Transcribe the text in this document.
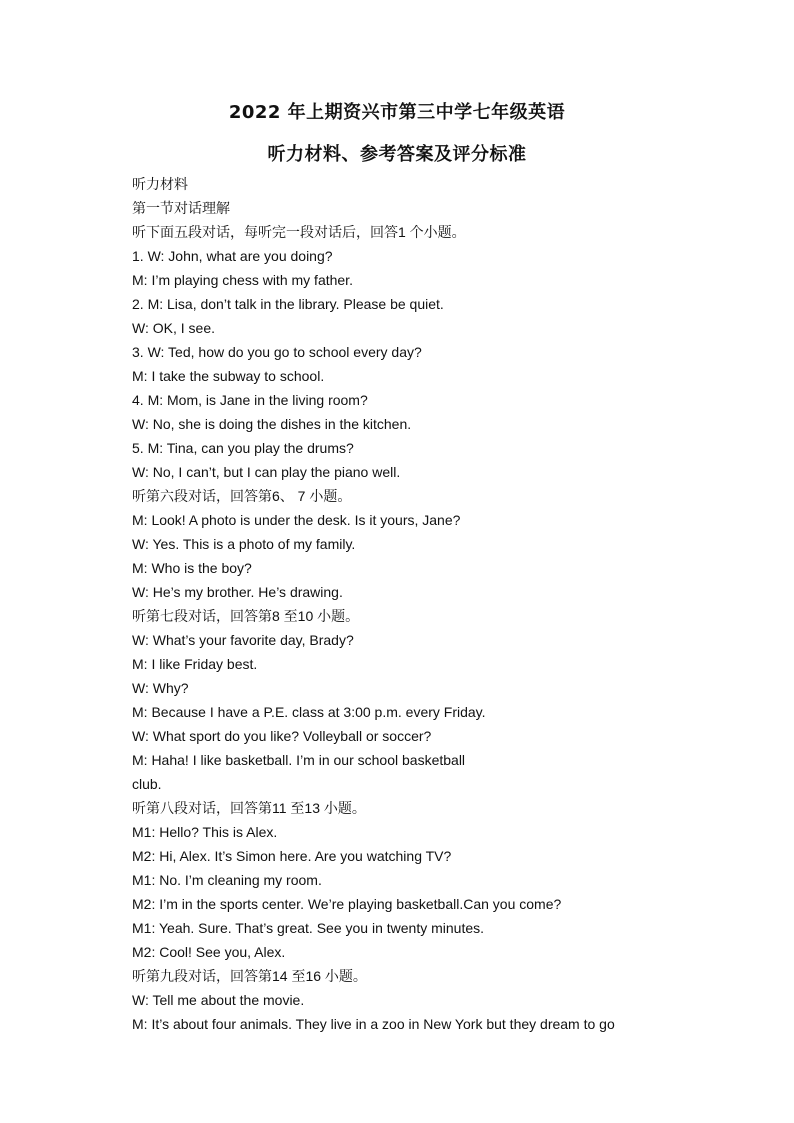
2022 年上期资兴市第三中学七年级英语
听力材料、参考答案及评分标准
听力材料
第一节对话理解
听下面五段对话，每听完一段对话后，回答1 个小题。
1. W: John, what are you doing?
M: I’m playing chess with my father.
2. M: Lisa, don’t talk in the library. Please be quiet.
W: OK, I see.
3. W: Ted, how do you go to school every day?
M: I take the subway to school.
4. M: Mom, is Jane in the living room?
W: No, she is doing the dishes in the kitchen.
5. M: Tina, can you play the drums?
W: No, I can’t, but I can play the piano well.
听第六段对话，回答第6、 7 小题。
M: Look! A photo is under the desk. Is it yours, Jane?
W: Yes. This is a photo of my family.
M: Who is the boy?
W: He’s my brother. He’s drawing.
听第七段对话，回答第8 至10 小题。
W: What’s your favorite day, Brady?
M: I like Friday best.
W: Why?
M: Because I have a P.E. class at 3:00 p.m. every Friday.
W: What sport do you like? Volleyball or soccer?
M: Haha! I like basketball. I’m in our school basketball
club.
听第八段对话，回答第11 至13 小题。
M1: Hello? This is Alex.
M2: Hi, Alex. It’s Simon here. Are you watching TV?
M1: No. I’m cleaning my room.
M2: I’m in the sports center. We’re playing basketball.Can you come?
M1: Yeah. Sure. That’s great. See you in twenty minutes.
M2: Cool! See you, Alex.
听第九段对话，回答第14 至16 小题。
W: Tell me about the movie.
M: It’s about four animals. They live in a zoo in New York but they dream to go
